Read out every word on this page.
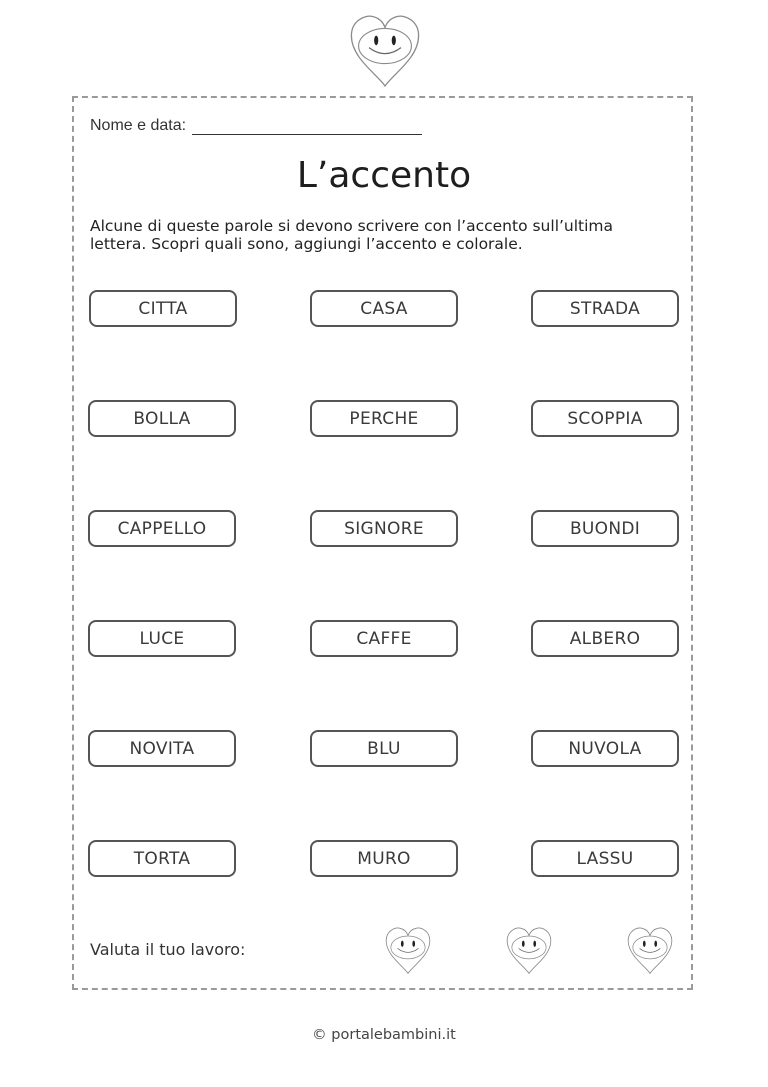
Nome e data:
L’accento
Alcune di queste parole si devono scrivere con l’accento sull’ultima lettera. Scopri quali sono, aggiungi l’accento e colorale.
CITTA	CASA	STRADA
BOLLA	PERCHE	SCOPPIA
CAPPELLO	SIGNORE	BUONDI
LUCE	CAFFE	ALBERO
NOVITA	BLU	NUVOLA
TORTA	MURO	LASSU
Valuta il tuo lavoro:
© portalebambini.it
